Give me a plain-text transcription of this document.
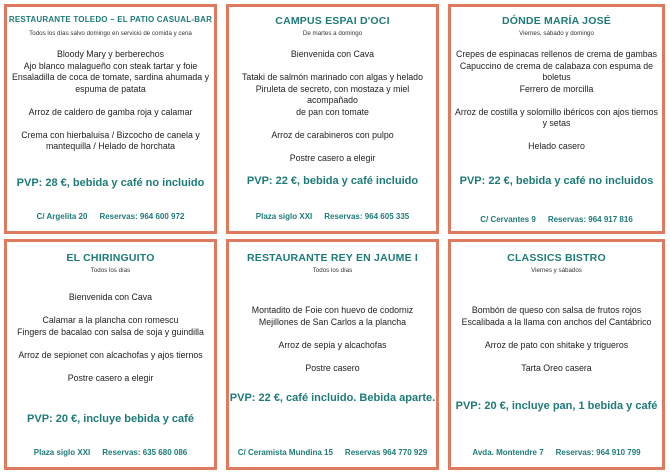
RESTAURANTE TOLEDO – EL PATIO CASUAL-BAR
Todos los días salvo domingo en servicio de comida y cena
Bloody Mary y berberechos
Ajo blanco malagueño con steak tartar y foie
Ensaladilla de coca de tomate, sardina ahumada y
espuma de patata
Arroz de caldero de gamba roja y calamar
Crema con hierbaluisa / Bizcocho de canela y
mantequilla / Helado de horchata
PVP: 28 €, bebida y café no incluido
C/ Argelita 20 Reservas: 964 600 972
CAMPUS ESPAI D'OCI
De martes a domingo
Bienvenida con Cava
Tataki de salmón marinado con algas y helado
Piruleta de secreto, con mostaza y miel acompañado
de pan con tomate
Arroz de carabineros con pulpo
Postre casero a elegir
PVP: 22 €, bebida y café incluido
Plaza siglo XXI Reservas: 964 605 335
DÓNDE MARÍA JOSÉ
Viernes, sábado y domingo
Crepes de espinacas rellenos de crema de gambas
Capuccino de crema de calabaza con espuma de
boletus
Ferrero de morcilla
Arroz de costilla y solomillo ibéricos con ajos tiernos
y setas
Helado casero
PVP: 22 €, bebida y café no incluidos
C/ Cervantes 9 Reservas: 964 917 816
EL CHIRINGUITO
Todos los días
Bienvenida con Cava
Calamar a la plancha con romescu
Fingers de bacalao con salsa de soja y guindilla
Arroz de sepionet con alcachofas y ajos tiernos
Postre casero a elegir
PVP: 20 €, incluye bebida y café
Plaza siglo XXI Reservas: 635 680 086
RESTAURANTE REY EN JAUME I
Todos los días
Montadito de Foie con huevo de codorniz
Mejillones de San Carlos a la plancha
Arroz de sepia y alcachofas
Postre casero
PVP: 22 €, café incluido. Bebida aparte.
C/ Ceramista Mundina 15 Reservas 964 770 929
CLASSICS BISTRO
Viernes y sábados
Bombón de queso con salsa de frutos rojos
Escalibada a la llama con anchos del Cantábrico
Arroz de pato con shitake y trigueros
Tarta Oreo casera
PVP: 20 €, incluye pan, 1 bebida y café
Avda. Montendre 7 Reservas: 964 910 799
